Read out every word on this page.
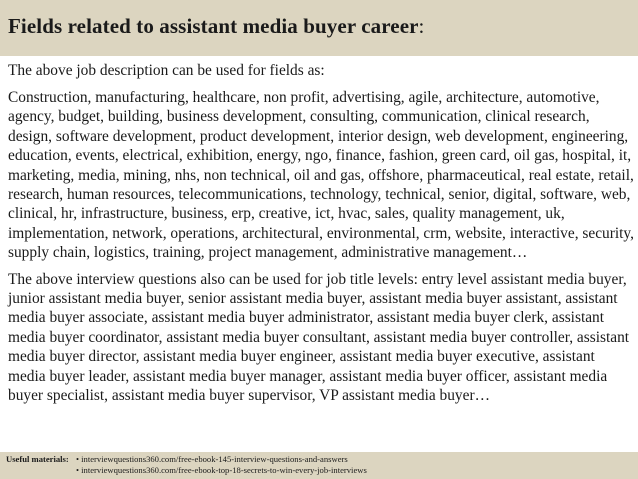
Fields related to assistant media buyer career:

The above job description can be used for fields as:

Construction, manufacturing, healthcare, non profit, advertising, agile, architecture, automotive, agency, budget, building, business development, consulting, communication, clinical research, design, software development, product development, interior design, web development, engineering, education, events, electrical, exhibition, energy, ngo, finance, fashion, green card, oil gas, hospital, it, marketing, media, mining, nhs, non technical, oil and gas, offshore, pharmaceutical, real estate, retail, research, human resources, telecommunications, technology, technical, senior, digital, software, web, clinical, hr, infrastructure, business, erp, creative, ict, hvac, sales, quality management, uk, implementation, network, operations, architectural, environmental, crm, website, interactive, security, supply chain, logistics, training, project management, administrative management…

The above interview questions also can be used for job title levels: entry level assistant media buyer, junior assistant media buyer, senior assistant media buyer, assistant media buyer assistant, assistant media buyer associate, assistant media buyer administrator, assistant media buyer clerk, assistant media buyer coordinator, assistant media buyer consultant, assistant media buyer controller, assistant media buyer director, assistant media buyer engineer, assistant media buyer executive, assistant media buyer leader, assistant media buyer manager, assistant media buyer officer, assistant media buyer specialist, assistant media buyer supervisor, VP assistant media buyer…

Useful materials: • interviewquestions360.com/free-ebook-145-interview-questions-and-answers
• interviewquestions360.com/free-ebook-top-18-secrets-to-win-every-job-interviews
